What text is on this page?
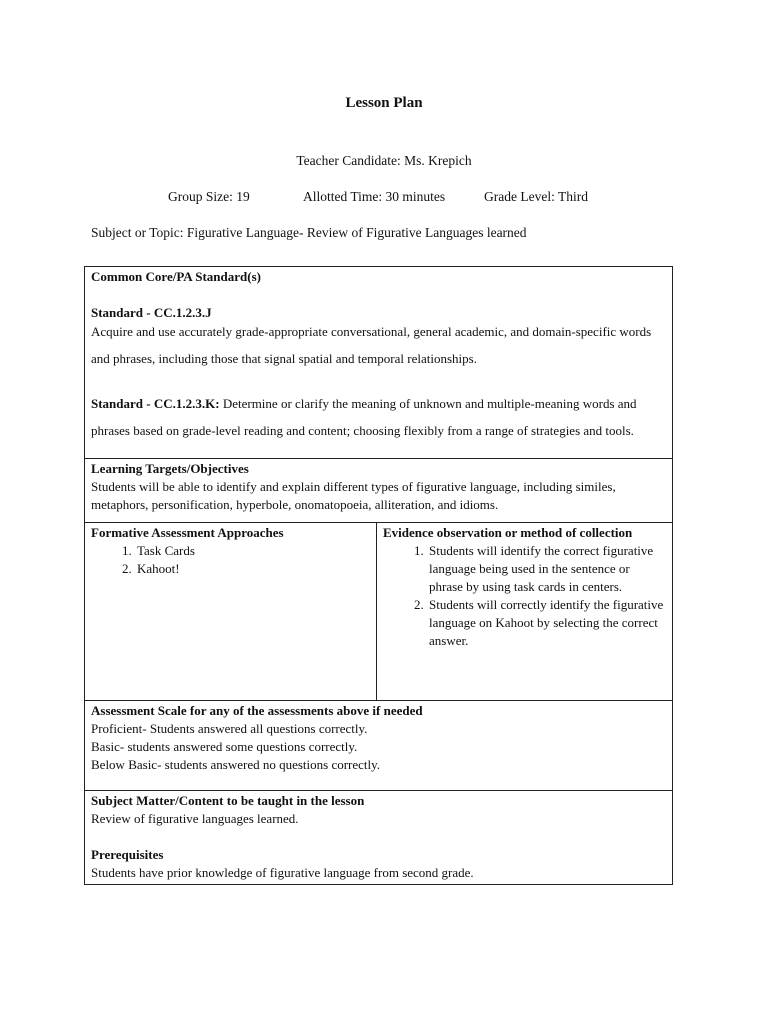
Lesson Plan
Teacher Candidate: Ms. Krepich
Group Size: 19	Allotted Time: 30 minutes	Grade Level: Third
Subject or Topic: Figurative Language- Review of Figurative Languages learned
Common Core/PA Standard(s)
Standard - CC.1.2.3.J
Acquire and use accurately grade-appropriate conversational, general academic, and domain-specific words and phrases, including those that signal spatial and temporal relationships.
Standard - CC.1.2.3.K: Determine or clarify the meaning of unknown and multiple-meaning words and phrases based on grade-level reading and content; choosing flexibly from a range of strategies and tools.

Learning Targets/Objectives
Students will be able to identify and explain different types of figurative language, including similes, metaphors, personification, hyperbole, onomatopoeia, alliteration, and idioms.

Formative Assessment Approaches
1. Task Cards
2. Kahoot!

Evidence observation or method of collection
1. Students will identify the correct figurative language being used in the sentence or phrase by using task cards in centers.
2. Students will correctly identify the figurative language on Kahoot by selecting the correct answer.

Assessment Scale for any of the assessments above if needed
Proficient- Students answered all questions correctly.
Basic- students answered some questions correctly.
Below Basic- students answered no questions correctly.

Subject Matter/Content to be taught in the lesson
Review of figurative languages learned.
Prerequisites
Students have prior knowledge of figurative language from second grade.
